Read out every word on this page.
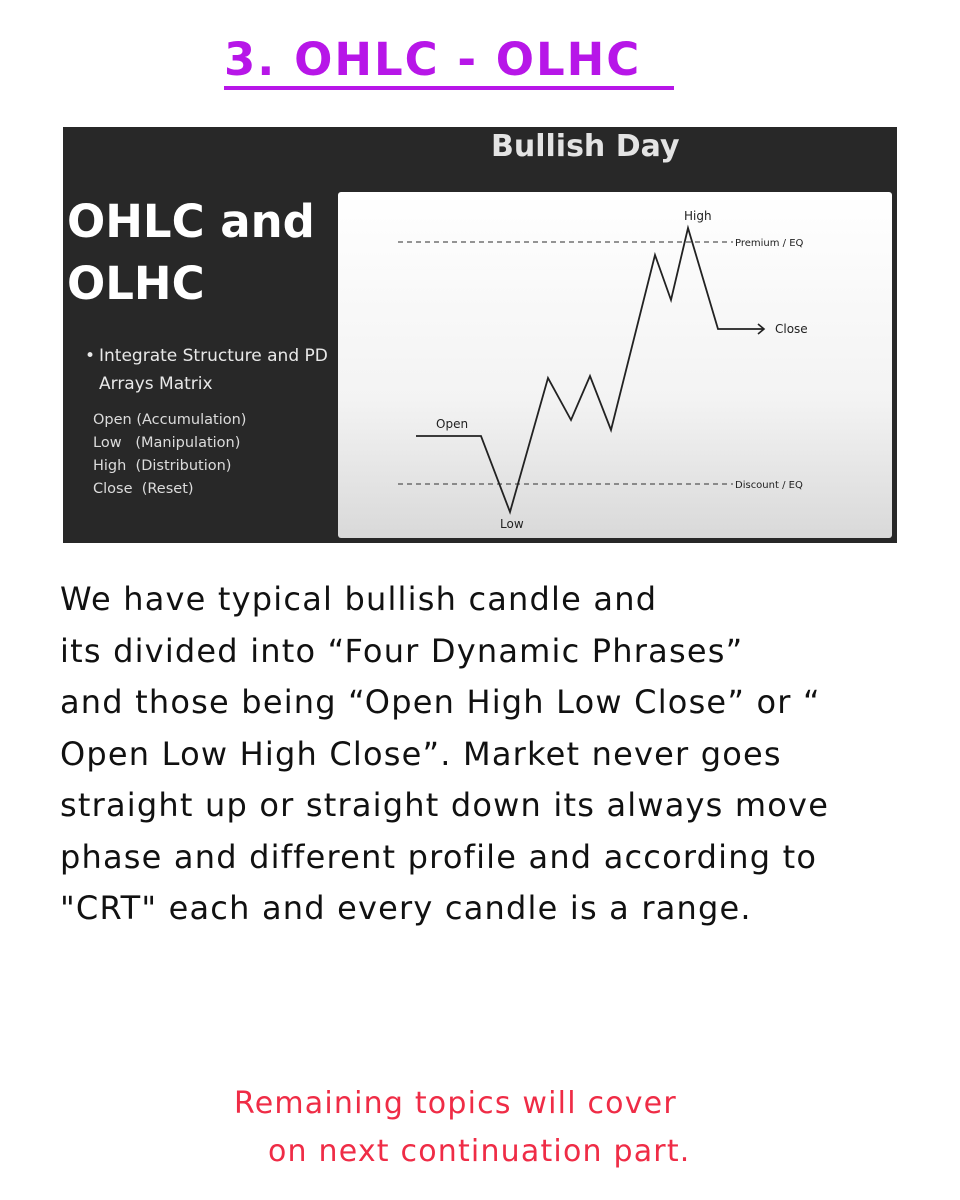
3. OHLC - OLHC
Bullish Day
OHLC and
OLHC
• Integrate Structure and PD Arrays Matrix
Open (Accumulation)
Low   (Manipulation)
High  (Distribution)
Close  (Reset)
High
Open
Low
Close
Premium / EQ
Discount / EQ

We have typical bullish candle and
its divided into “Four Dynamic Phrases”
and those being “Open High Low Close” or “
Open Low High Close”. Market never goes
straight up or straight down its always move
phase and different profile and according to
"CRT" each and every candle is a range.

Remaining topics will cover
on next continuation part.
